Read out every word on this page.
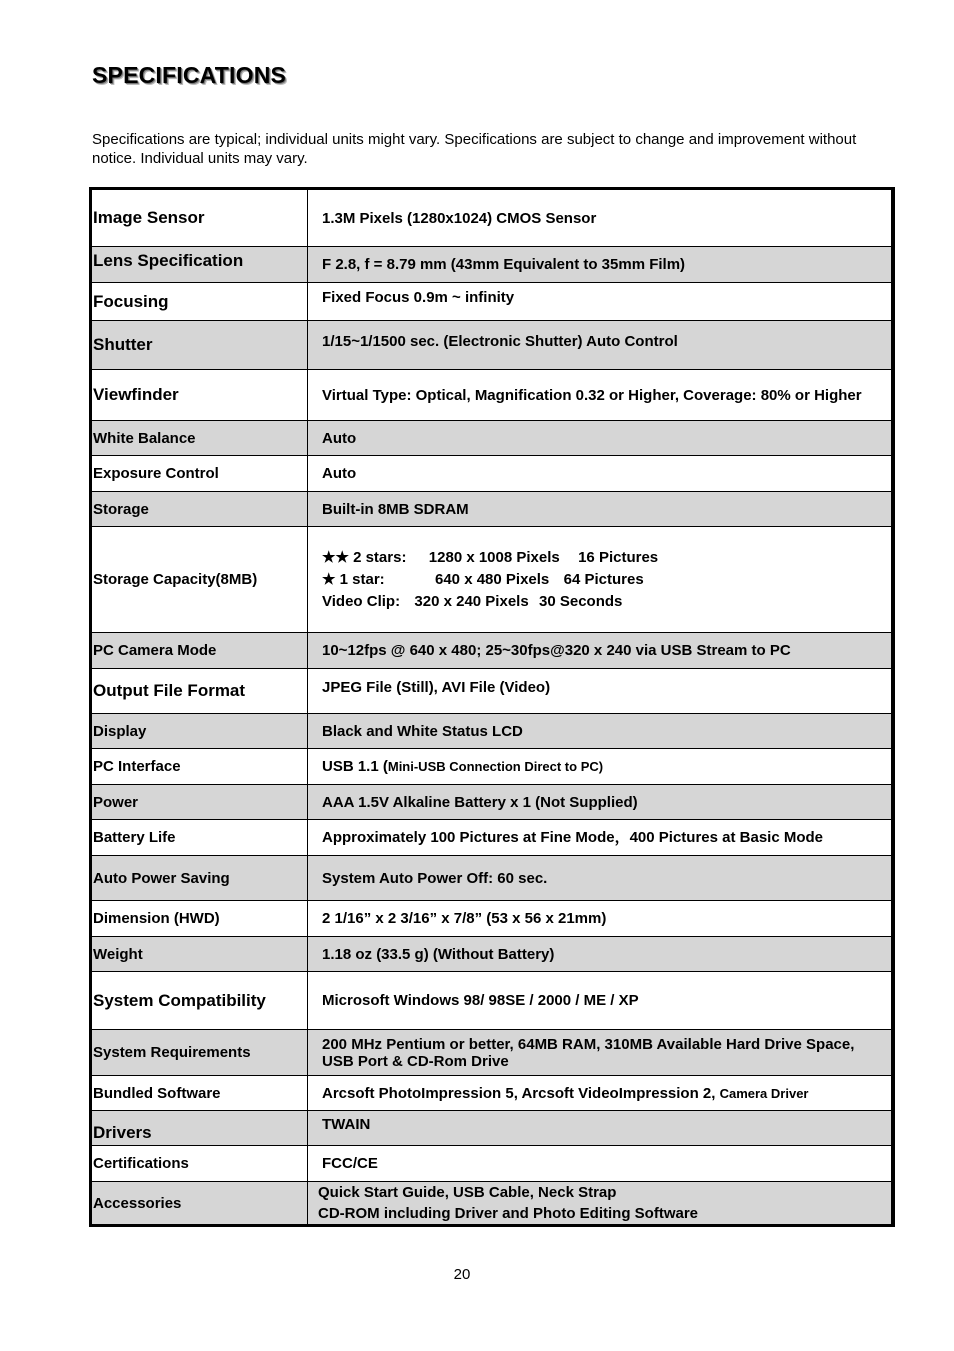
SPECIFICATIONS

Specifications are typical; individual units might vary. Specifications are subject to change and improvement without notice. Individual units may vary.

Image Sensor	1.3M Pixels (1280x1024) CMOS Sensor
Lens Specification	F 2.8, f = 8.79 mm (43mm Equivalent to 35mm Film)
Focusing	Fixed Focus 0.9m ~ infinity
Shutter	1/15~1/1500 sec. (Electronic Shutter) Auto Control
Viewfinder	Virtual Type: Optical, Magnification 0.32 or Higher, Coverage: 80% or Higher
White Balance	Auto
Exposure Control	Auto
Storage	Built-in 8MB SDRAM
Storage Capacity(8MB)	★★ 2 stars: 1280 x 1008 Pixels 16 Pictures
★ 1 star: 640 x 480 Pixels 64 Pictures
Video Clip: 320 x 240 Pixels 30 Seconds

PC Camera Mode	10~12fps @ 640 x 480; 25~30fps@320 x 240 via USB Stream to PC
Output File Format	JPEG File (Still), AVI File (Video)
Display	Black and White Status LCD
PC Interface	USB 1.1 (Mini-USB Connection Direct to PC)
Power	AAA 1.5V Alkaline Battery x 1 (Not Supplied)
Battery Life	Approximately 100 Pictures at Fine Mode，400 Pictures at Basic Mode
Auto Power Saving	System Auto Power Off: 60 sec.
Dimension (HWD)	2 1/16” x 2 3/16” x 7/8” (53 x 56 x 21mm)
Weight	1.18 oz (33.5 g) (Without Battery)
System Compatibility	Microsoft Windows 98/ 98SE / 2000 / ME / XP
System Requirements	200 MHz Pentium or better, 64MB RAM, 310MB Available Hard Drive Space, USB Port & CD-Rom Drive
Bundled Software	Arcsoft PhotoImpression 5, Arcsoft VideoImpression 2, Camera Driver
Drivers	TWAIN
Certifications	FCC/CE
Accessories	Quick Start Guide, USB Cable, Neck Strap
CD-ROM including Driver and Photo Editing Software
20
